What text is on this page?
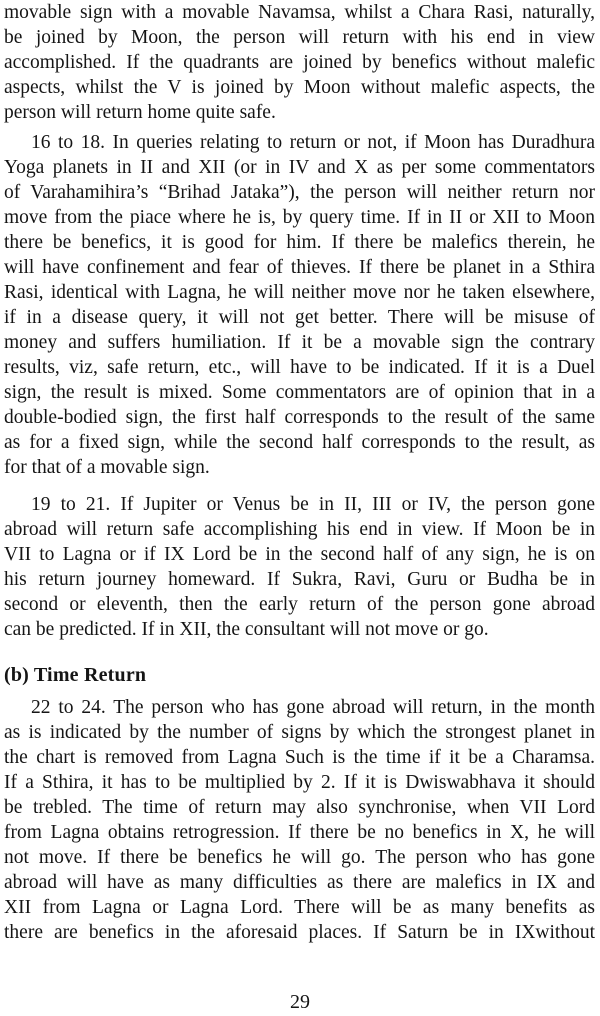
movable sign with a movable Navamsa, whilst a Chara Rasi, naturally,
be joined by Moon, the person will return with his end in view
accomplished. If the quadrants are joined by benefics without malefic
aspects, whilst the V is joined by Moon without malefic aspects, the
person will return home quite safe.
16 to 18. In queries relating to return or not, if Moon has Duradhura
Yoga planets in II and XII (or in IV and X as per some commentators
of Varahamihira’s “Brihad Jataka”), the person will neither return nor
move from the piace where he is, by query time. If in II or XII to Moon
there be benefics, it is good for him. If there be malefics therein, he
will have confinement and fear of thieves. If there be planet in a Sthira
Rasi, identical with Lagna, he will neither move nor he taken elsewhere,
if in a disease query, it will not get better. There will be misuse of
money and suffers humiliation. If it be a movable sign the contrary
results, viz, safe return, etc., will have to be indicated. If it is a Duel
sign, the result is mixed. Some commentators are of opinion that in a
double-bodied sign, the first half corresponds to the result of the same
as for a fixed sign, while the second half corresponds to the result, as
for that of a movable sign.
19 to 21. If Jupiter or Venus be in II, III or IV, the person gone
abroad will return safe accomplishing his end in view. If Moon be in
VII to Lagna or if IX Lord be in the second half of any sign, he is on
his return journey homeward. If Sukra, Ravi, Guru or Budha be in
second or eleventh, then the early return of the person gone abroad
can be predicted. If in XII, the consultant will not move or go.
(b) Time Return
22 to 24. The person who has gone abroad will return, in the month
as is indicated by the number of signs by which the strongest planet in
the chart is removed from Lagna Such is the time if it be a Charamsa.
If a Sthira, it has to be multiplied by 2. If it is Dwiswabhava it should
be trebled. The time of return may also synchronise, when VII Lord
from Lagna obtains retrogression. If there be no benefics in X, he will
not move. If there be benefics he will go. The person who has gone
abroad will have as many difficulties as there are malefics in IX and
XII from Lagna or Lagna Lord. There will be as many benefits as
there are benefics in the aforesaid places. If Saturn be in IXwithout
29
